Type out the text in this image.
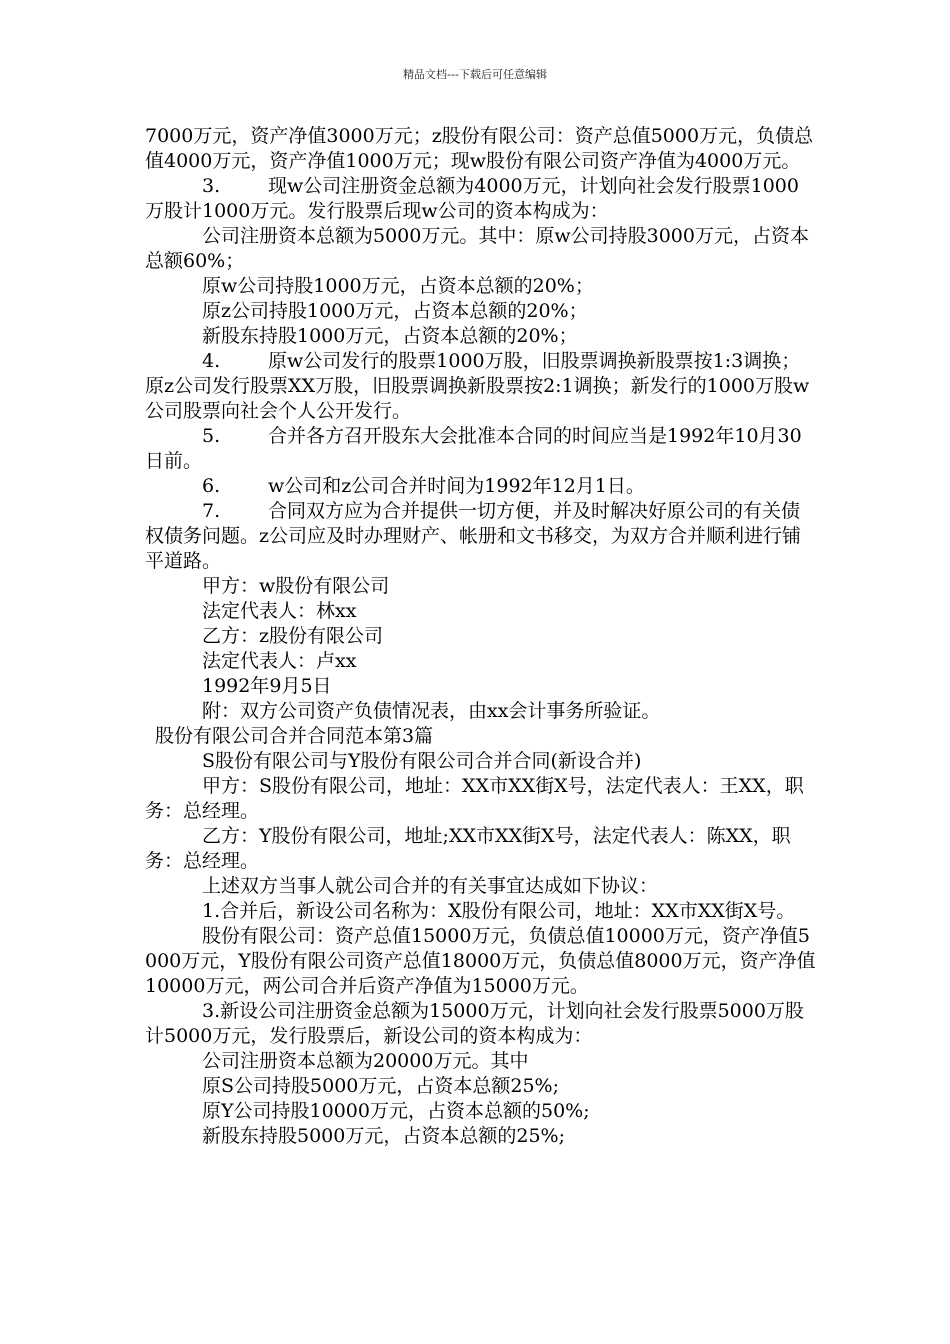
精品文档---下载后可任意编辑

7000万元，资产净值3000万元；z股份有限公司：资产总值5000万元，负债总值4000万元，资产净值1000万元；现w股份有限公司资产净值为4000万元。

3.	现w公司注册资金总额为4000万元，计划向社会发行股票1000万股计1000万元。发行股票后现w公司的资本构成为：

公司注册资本总额为5000万元。其中：原w公司持股3000万元，占资本总额60%；

原w公司持股1000万元，占资本总额的20%；

原z公司持股1000万元，占资本总额的20%；

新股东持股1000万元，占资本总额的20%；

4.	原w公司发行的股票1000万股，旧股票调换新股票按1:3调换；原z公司发行股票XX万股，旧股票调换新股票按2:1调换；新发行的1000万股w公司股票向社会个人公开发行。

5.	合并各方召开股东大会批准本合同的时间应当是1992年10月30日前。

6.	w公司和z公司合并时间为1992年12月1日。

7.	合同双方应为合并提供一切方便，并及时解决好原公司的有关债权债务问题。z公司应及时办理财产、帐册和文书移交，为双方合并顺利进行铺平道路。

甲方：w股份有限公司

法定代表人：林xx

乙方：z股份有限公司

法定代表人：卢xx

1992年9月5日

附：双方公司资产负债情况表，由xx会计事务所验证。

股份有限公司合并合同范本第3篇

S股份有限公司与Y股份有限公司合并合同(新设合并)

甲方：S股份有限公司，地址：XX市XX街X号，法定代表人：王XX，职务：总经理。

乙方：Y股份有限公司，地址;XX市XX街X号，法定代表人：陈XX，职务：总经理。

上述双方当事人就公司合并的有关事宜达成如下协议：

1.合并后，新设公司名称为：X股份有限公司，地址：XX市XX街X号。

股份有限公司：资产总值15000万元，负债总值10000万元，资产净值5000万元，Y股份有限公司资产总值18000万元，负债总值8000万元，资产净值10000万元，两公司合并后资产净值为15000万元。

3.新设公司注册资金总额为15000万元，计划向社会发行股票5000万股计5000万元，发行股票后，新设公司的资本构成为：

公司注册资本总额为20000万元。其中

原S公司持股5000万元，占资本总额25%;

原Y公司持股10000万元，占资本总额的50%;

新股东持股5000万元，占资本总额的25%;
